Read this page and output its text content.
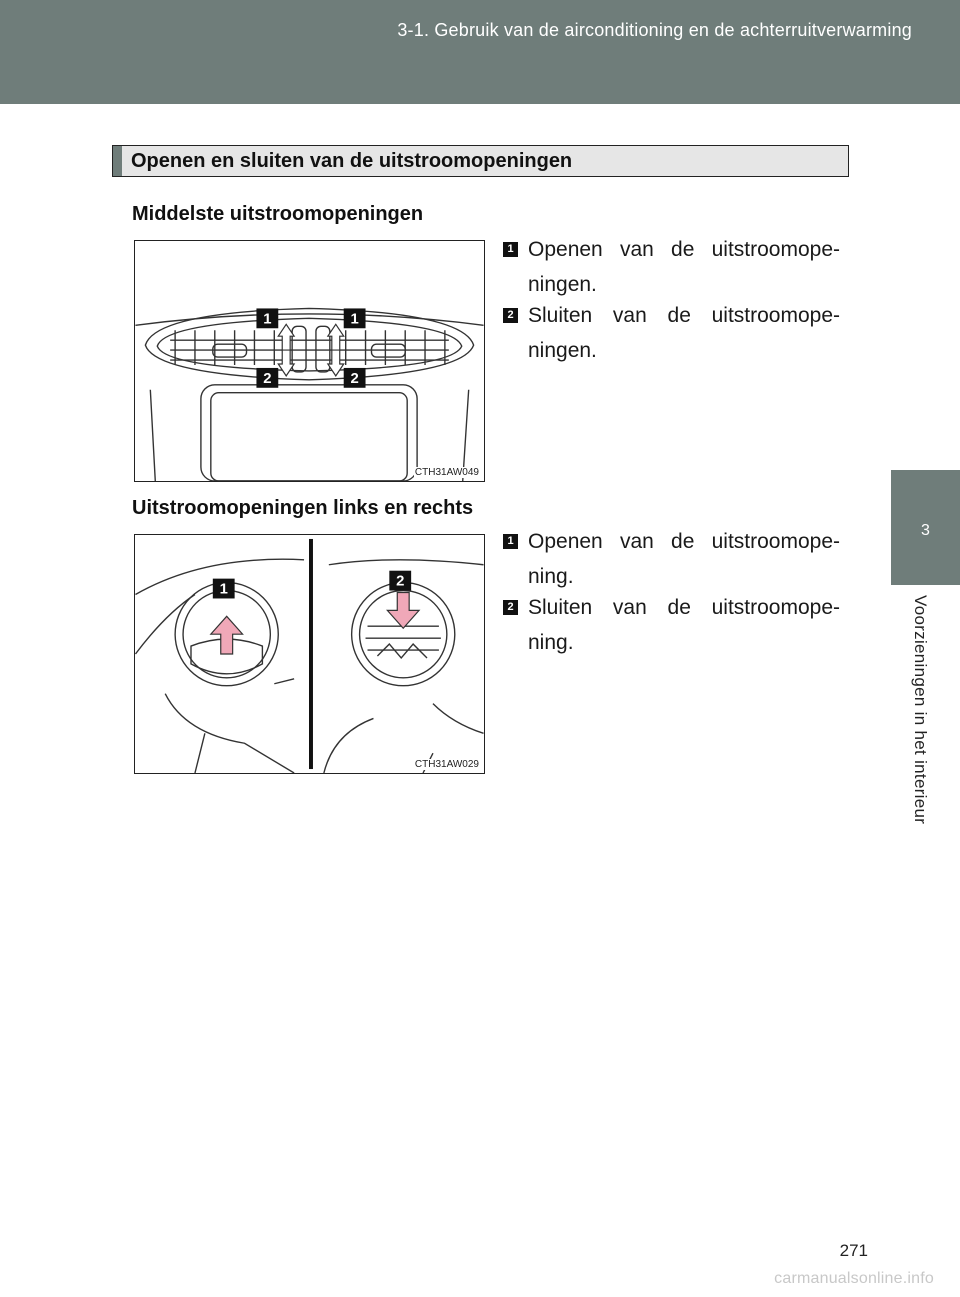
3-1. Gebruik van de airconditioning en de achterruitverwarming
3
Voorzieningen in het interieur
Openen en sluiten van de uitstroomopeningen
Middelste uitstroomopeningen
1	1
2	2
CTH31AW049
1 Openen van de uitstroomope-ningen.
2 Sluiten van de uitstroomope-ningen.
Uitstroomopeningen links en rechts
1	2
CTH31AW029
1 Openen van de uitstroomope-ning.
2 Sluiten van de uitstroomope-ning.
271
carmanualsonline.info
